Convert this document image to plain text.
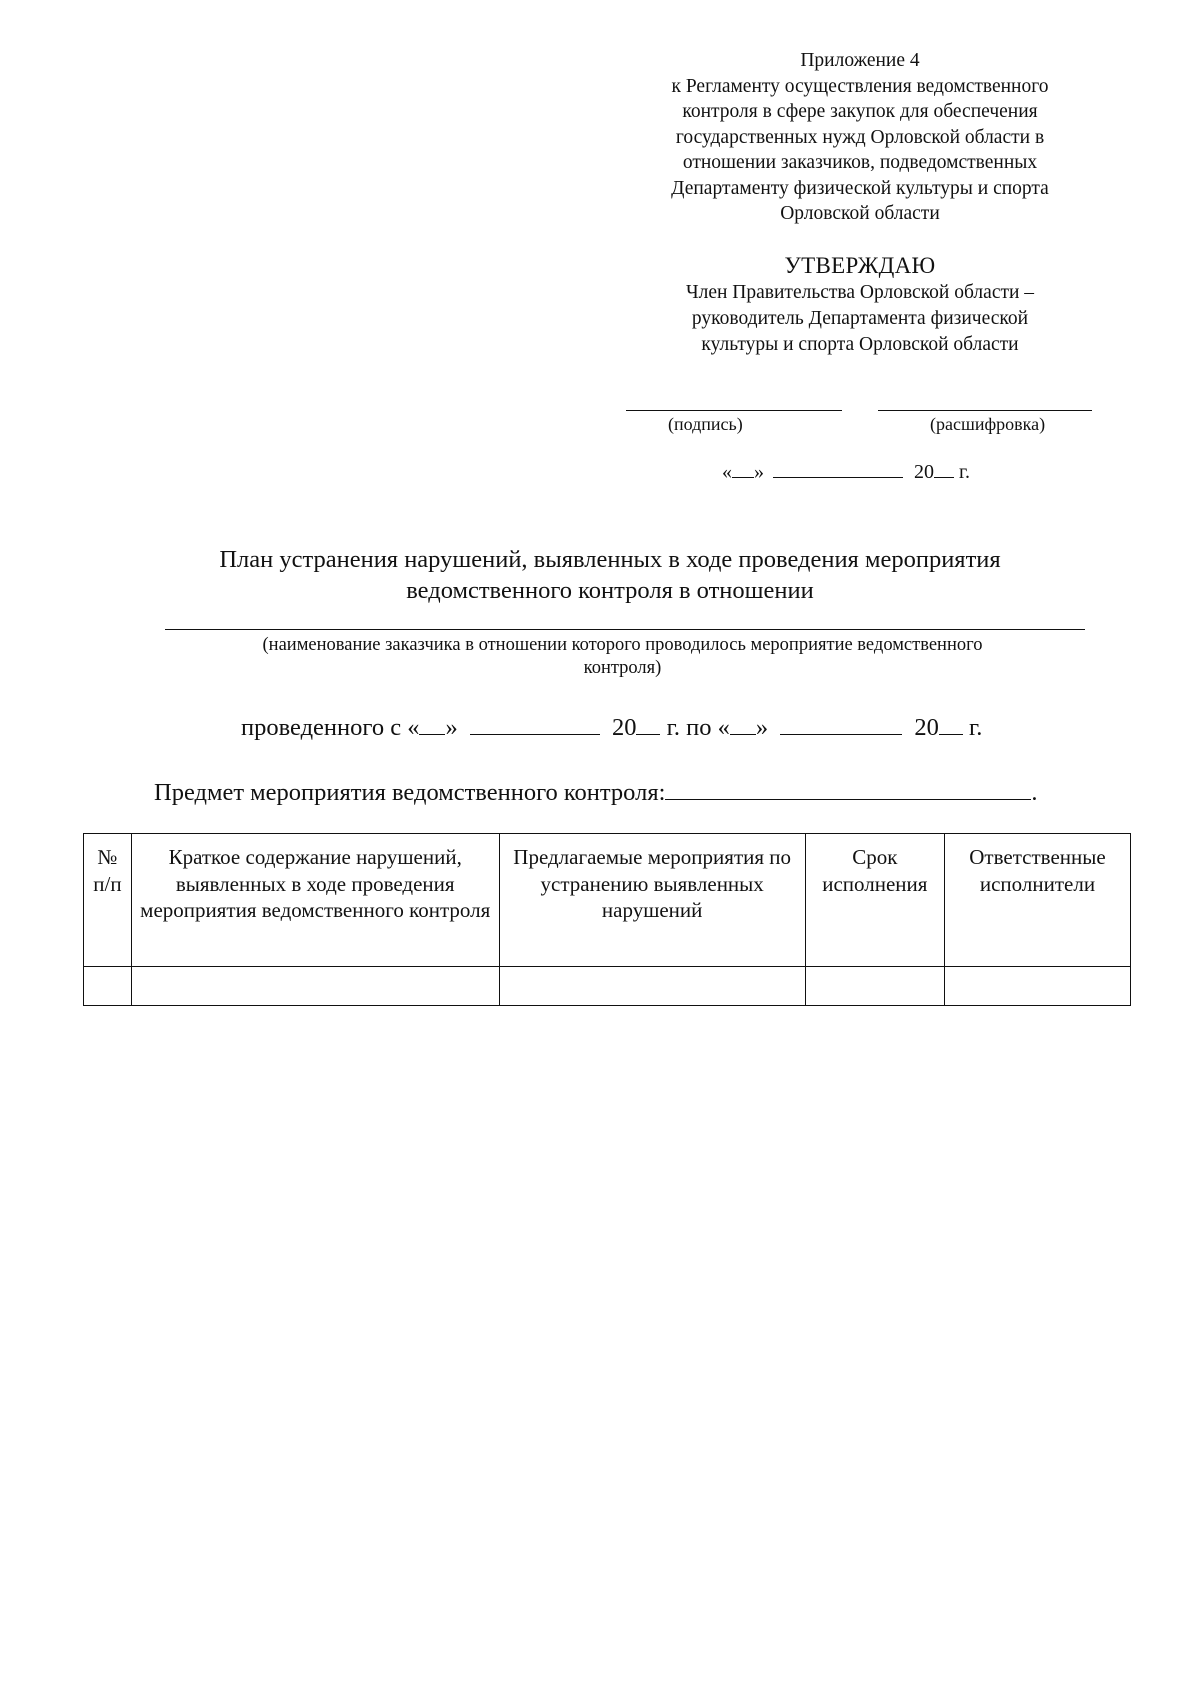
Приложение 4
к Регламенту осуществления ведомственного
контроля в сфере закупок для обеспечения
государственных нужд Орловской области в
отношении заказчиков, подведомственных
Департаменту физической культуры и спорта
Орловской области
УТВЕРЖДАЮ
Член Правительства Орловской области –
руководитель Департамента физической
культуры и спорта Орловской области
(подпись)	(расшифровка)
« »	20 г.
План устранения нарушений, выявленных в ходе проведения мероприятия
ведомственного контроля в отношении
(наименование заказчика в отношении которого проводилось мероприятие ведомственного
контроля)
проведенного с « »	20 г. по « »	20 г.
Предмет мероприятия ведомственного контроля:	.
№ п/п	Краткое содержание нарушений, выявленных в ходе проведения мероприятия ведомственного контроля	Предлагаемые мероприятия по устранению выявленных нарушений	Срок исполнения	Ответственные исполнители
